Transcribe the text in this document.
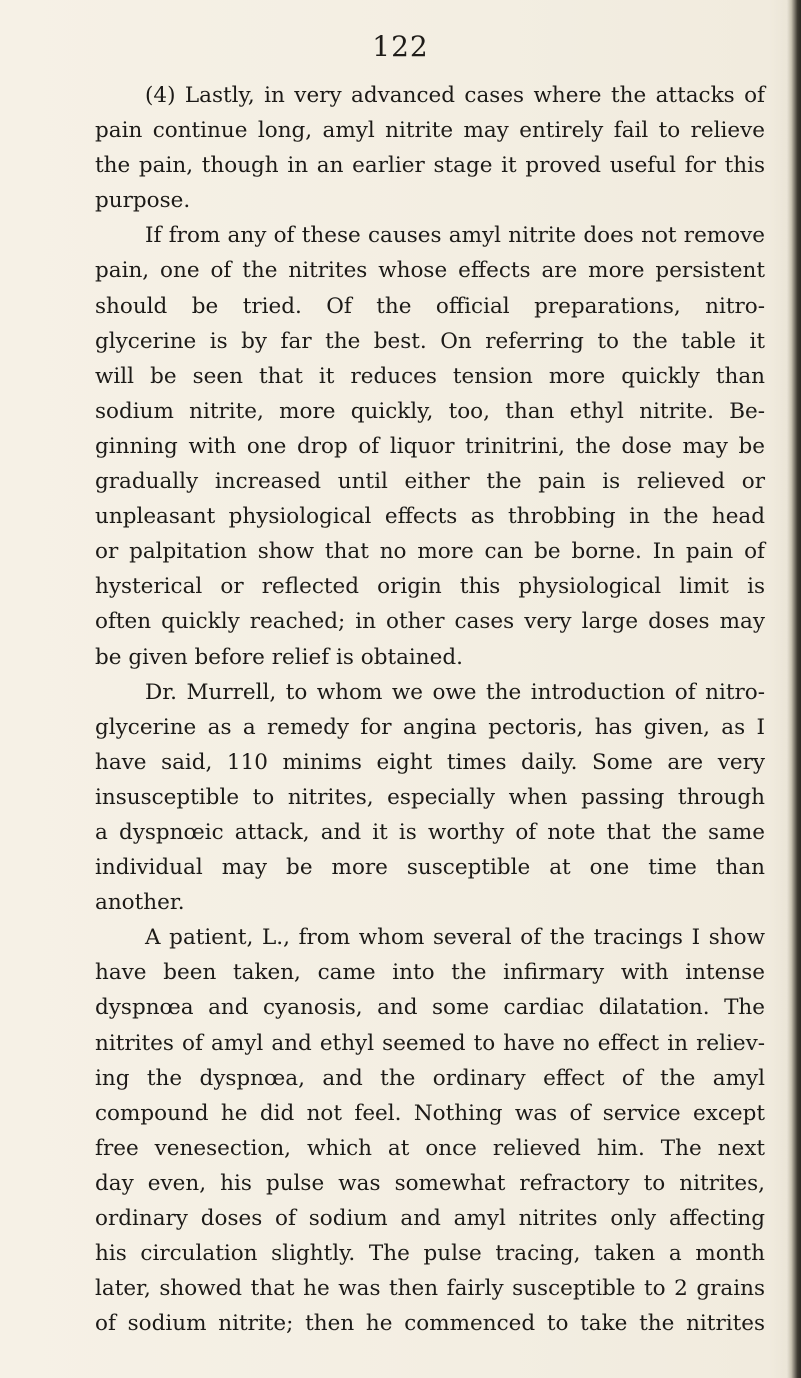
122
(4) Lastly, in very advanced cases where the attacks of
pain continue long, amyl nitrite may entirely fail to relieve
the pain, though in an earlier stage it proved useful for this
purpose.
If from any of these causes amyl nitrite does not remove
pain, one of the nitrites whose effects are more persistent
should be tried. Of the official preparations, nitro-
glycerine is by far the best. On referring to the table it
will be seen that it reduces tension more quickly than
sodium nitrite, more quickly, too, than ethyl nitrite. Be-
ginning with one drop of liquor trinitrini, the dose may be
gradually increased until either the pain is relieved or
unpleasant physiological effects as throbbing in the head
or palpitation show that no more can be borne. In pain of
hysterical or reflected origin this physiological limit is
often quickly reached; in other cases very large doses may
be given before relief is obtained.
Dr. Murrell, to whom we owe the introduction of nitro-
glycerine as a remedy for angina pectoris, has given, as I
have said, 110 minims eight times daily. Some are very
insusceptible to nitrites, especially when passing through
a dyspnœic attack, and it is worthy of note that the same
individual may be more susceptible at one time than
another.
A patient, L., from whom several of the tracings I show
have been taken, came into the infirmary with intense
dyspnœa and cyanosis, and some cardiac dilatation. The
nitrites of amyl and ethyl seemed to have no effect in reliev-
ing the dyspnœa, and the ordinary effect of the amyl
compound he did not feel. Nothing was of service except
free venesection, which at once relieved him. The next
day even, his pulse was somewhat refractory to nitrites,
ordinary doses of sodium and amyl nitrites only affecting
his circulation slightly. The pulse tracing, taken a month
later, showed that he was then fairly susceptible to 2 grains
of sodium nitrite; then he commenced to take the nitrites
